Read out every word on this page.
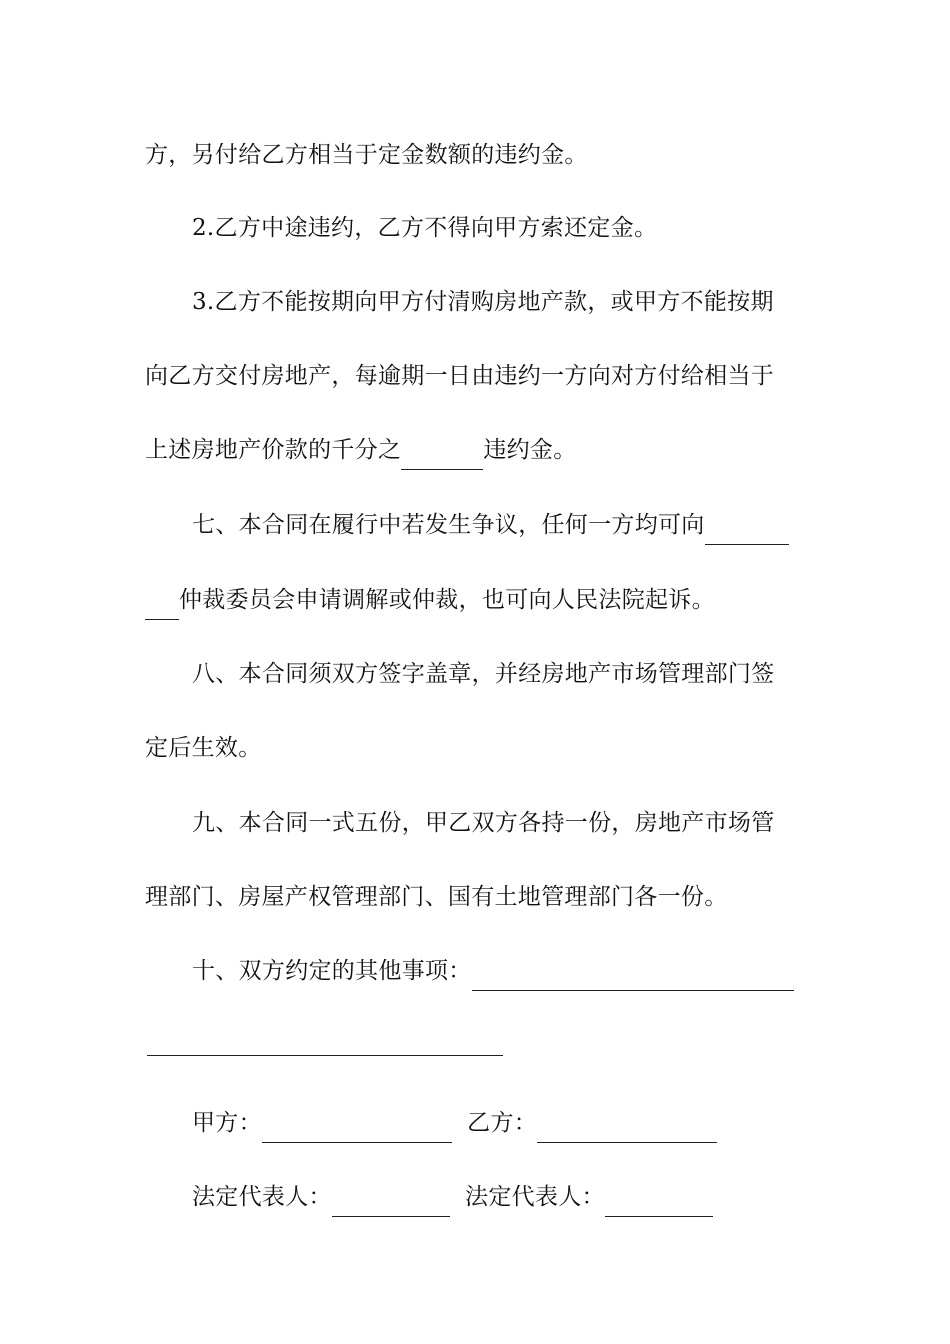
方，另付给乙方相当于定金数额的违约金。
2.乙方中途违约，乙方不得向甲方索还定金。
3.乙方不能按期向甲方付清购房地产款，或甲方不能按期
向乙方交付房地产，每逾期一日由违约一方向对方付给相当于
上述房地产价款的千分之	违约金。
七、本合同在履行中若发生争议，任何一方均可向
仲裁委员会申请调解或仲裁，也可向人民法院起诉。
八、本合同须双方签字盖章，并经房地产市场管理部门签
定后生效。
九、本合同一式五份，甲乙双方各持一份，房地产市场管
理部门、房屋产权管理部门、国有土地管理部门各一份。
十、双方约定的其他事项：
甲方：	乙方：
法定代表人：	法定代表人：
